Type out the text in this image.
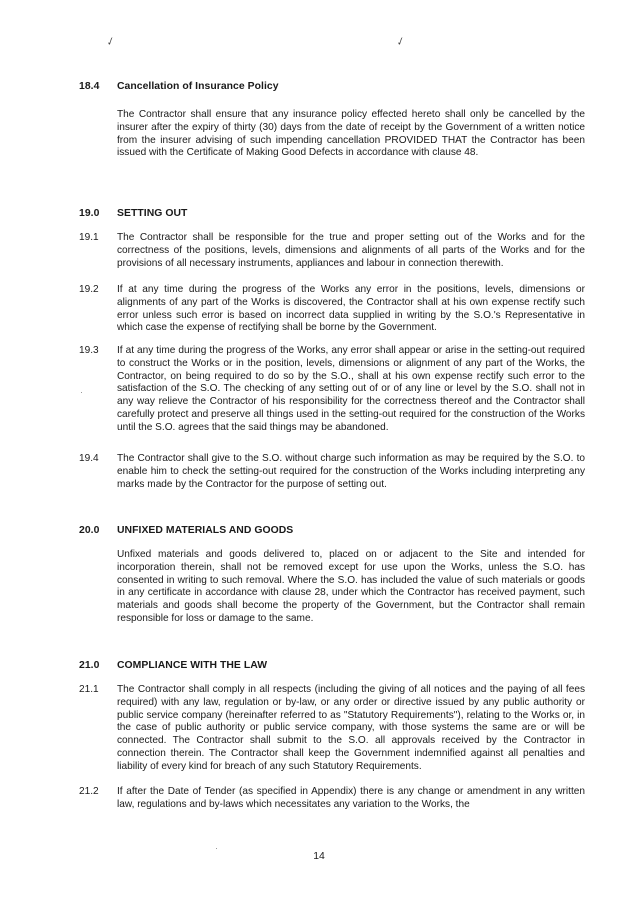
✓	✓
18.4	Cancellation of Insurance Policy
The Contractor shall ensure that any insurance policy effected hereto shall only be cancelled by the insurer after the expiry of thirty (30) days from the date of receipt by the Government of a written notice from the insurer advising of such impending cancellation PROVIDED THAT the Contractor has been issued with the Certificate of Making Good Defects in accordance with clause 48.
19.0	SETTING OUT
19.1	The Contractor shall be responsible for the true and proper setting out of the Works and for the correctness of the positions, levels, dimensions and alignments of all parts of the Works and for the provisions of all necessary instruments, appliances and labour in connection therewith.
19.2	If at any time during the progress of the Works any error in the positions, levels, dimensions or alignments of any part of the Works is discovered, the Contractor shall at his own expense rectify such error unless such error is based on incorrect data supplied in writing by the S.O.'s Representative in which case the expense of rectifying shall be borne by the Government.
19.3	If at any time during the progress of the Works, any error shall appear or arise in the setting-out required to construct the Works or in the position, levels, dimensions or alignment of any part of the Works, the Contractor, on being required to do so by the S.O., shall at his own expense rectify such error to the satisfaction of the S.O. The checking of any setting out of or of any line or level by the S.O. shall not in any way relieve the Contractor of his responsibility for the correctness thereof and the Contractor shall carefully protect and preserve all things used in the setting-out required for the construction of the Works until the S.O. agrees that the said things may be abandoned.
19.4	The Contractor shall give to the S.O. without charge such information as may be required by the S.O. to enable him to check the setting-out required for the construction of the Works including interpreting any marks made by the Contractor for the purpose of setting out.
20.0	UNFIXED MATERIALS AND GOODS
Unfixed materials and goods delivered to, placed on or adjacent to the Site and intended for incorporation therein, shall not be removed except for use upon the Works, unless the S.O. has consented in writing to such removal. Where the S.O. has included the value of such materials or goods in any certificate in accordance with clause 28, under which the Contractor has received payment, such materials and goods shall become the property of the Government, but the Contractor shall remain responsible for loss or damage to the same.
21.0	COMPLIANCE WITH THE LAW
21.1	The Contractor shall comply in all respects (including the giving of all notices and the paying of all fees required) with any law, regulation or by-law, or any order or directive issued by any public authority or public service company (hereinafter referred to as "Statutory Requirements"), relating to the Works or, in the case of public authority or public service company, with those systems the same are or will be connected. The Contractor shall submit to the S.O. all approvals received by the Contractor in connection therein. The Contractor shall keep the Government indemnified against all penalties and liability of every kind for breach of any such Statutory Requirements.
21.2	If after the Date of Tender (as specified in Appendix) there is any change or amendment in any written law, regulations and by-laws which necessitates any variation to the Works, the
14
